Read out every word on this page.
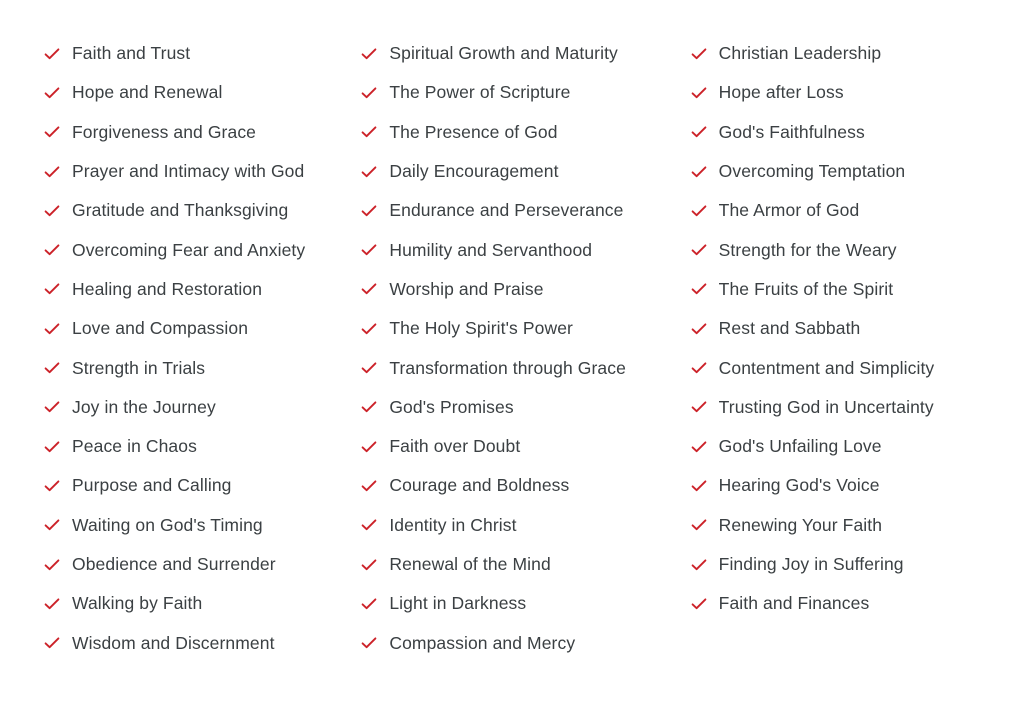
Faith and Trust
Hope and Renewal
Forgiveness and Grace
Prayer and Intimacy with God
Gratitude and Thanksgiving
Overcoming Fear and Anxiety
Healing and Restoration
Love and Compassion
Strength in Trials
Joy in the Journey
Peace in Chaos
Purpose and Calling
Waiting on God's Timing
Obedience and Surrender
Walking by Faith
Wisdom and Discernment
Spiritual Growth and Maturity
The Power of Scripture
The Presence of God
Daily Encouragement
Endurance and Perseverance
Humility and Servanthood
Worship and Praise
The Holy Spirit's Power
Transformation through Grace
God's Promises
Faith over Doubt
Courage and Boldness
Identity in Christ
Renewal of the Mind
Light in Darkness
Compassion and Mercy
Christian Leadership
Hope after Loss
God's Faithfulness
Overcoming Temptation
The Armor of God
Strength for the Weary
The Fruits of the Spirit
Rest and Sabbath
Contentment and Simplicity
Trusting God in Uncertainty
God's Unfailing Love
Hearing God's Voice
Renewing Your Faith
Finding Joy in Suffering
Faith and Finances
